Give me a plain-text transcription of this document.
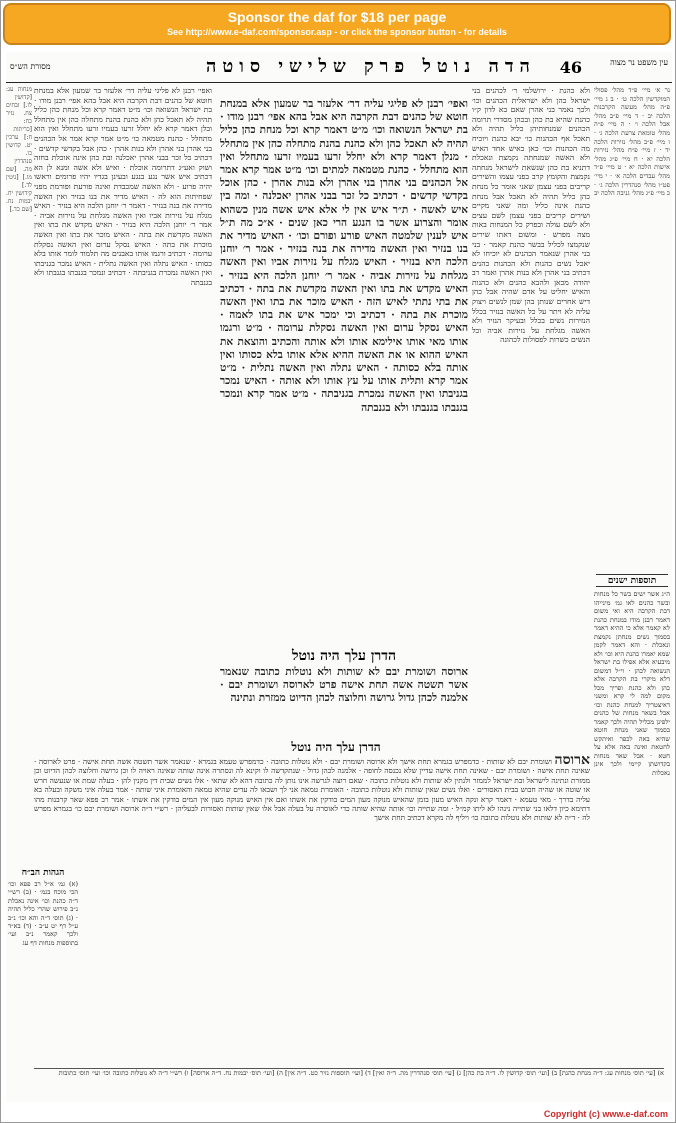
Sponsor the daf for $18 per page
See http://www.e-daf.com/sponsor.asp - or click the sponsor button - for details
מסורת הש״ס	הדה נוטל פרק שלישי סוטה 46	עין משפט נר מצוה
נר א׳ מיי׳ פ״ד מהל׳ פסולי המוקדשין הלכה ט׳ · ב ג מיי׳ פ״ה מהל׳ מעשה הקרבנות הלכה יב · ד מיי׳ פ״ב מהל׳ אבל הלכה ו׳ · ה מיי׳ פ״ה מהל׳ טומאת צרעת הלכה ג׳ · ו מיי׳ פ״ב מהל׳ נזירות הלכה יד · ז מיי׳ פ״ח מהל׳ נזירות הלכה יא · ח מיי׳ פ״ג מהל׳ אישות הלכה יא · ט מיי׳ פ״ד מהל׳ עבדים הלכה א׳ · י מיי׳ פט״ו מהל׳ סנהדרין הלכה ג׳ · כ מיי׳ פ״ג מהל׳ גניבה הלכה יב
ולא כהנת · ירושלמי ר׳ לכהנים בני ישראל כהן ולא ישראלית הכהנים וכו׳ ולכך נאמר בני אהרן שאם בא לדון ק״ו כהנת שהיא בת כהן ובכהן מסדרי תרומה הכהנים שמנחותיהן כליל תהיה ולא תאכל אף הכהנות כו׳ יבא כהנת ויוכיח מה הכהנות וכו׳ כאן כאיש אחד האיש ולא האשה שמנחתה נקמצת ונאכלת דתניא בת כהן שנשאת לישראל מנחתה נקמצת והקומץ קרב בפני עצמו והשירים קריבים בפני עצמן שאני אומר כל מנחת כהן כליל תהיה לא תאכל אבל מנחת כהנת אינה כליל ומה שאני מקיים ושירים קריבים בפני עצמן לשם עצים ולא לשם עולה ובפרק כל המנחות באות מצה מפרש · ומשום דאתו שירים שנקמצו לכליל בבשר כהנת קאמר · בני בני אהרן שנאמר הכהנים לא יוכיחו לא יאכל נשים כהנות ולא הכהנות כהנים דכתיב בני אהרן ולא בנות אהרן ואמר רב יהודה מכאן ולהבא כהנים ולא כהנות והאיש יחליט על אדם שהיה אבל כהן דיש אחרים שנותן בהן שמן לנשים ויצוק עליה לא ויתר על כל האשה בנזיר בכלל הנזירות נשים בכלל ובעיקר הנזיר ולא האשה מגלחת על נזירות אביה וכל הנשים כשרות לפסולות לכהונה
ואפי׳ רבנן לא פליגי עליה דר׳ אלעזר בר שמעון אלא במנחת חוטא של כהנים דבת הקרבה היא אבל בהא אפי׳ רבנן מודו · בת ישראל הנשואה וכו׳ מ״ט דאמר קרא וכל מנחת כהן כליל תהיה לא תאכל כהן ולא כהנת בהנת מתחלה כהן אין מתחלל · מנלן דאמר קרא ולא יחלל זרעו בעמיו זרעו מתחלל ואין הוא מתחלל · כהנת מטמאה למתים וכו׳ מ״ט אמר קרא אמר אל הכהנים בני אהרן בני אהרן ולא בנות אהרן · כהן אוכל בקדשי קדשים · דכתיב כל זכר בבני אהרן יאכלנה · ומה בין איש לאשה · ת״ר איש אין לי אלא איש אשה מנין כשהוא אומר והצרוע אשר בו הנגע הרי כאן שנים · א״כ מה ת״ל איש לענין שלמטה האיש פורע ופורם וכו׳ · האיש מדיר את בנו בנזיר ואין האשה מדירה את בנה בנזיר · אמר ר׳ יוחנן הלכה היא בנזיר · האיש מגלח על נזירות אביו ואין האשה מגלחת על נזירות אביה · אמר ר׳ יוחנן הלכה היא בנזיר · האיש מקדש את בתו ואין האשה מקדשת את בתה · דכתיב את בתי נתתי לאיש הזה · האיש מוכר את בתו ואין האשה מוכרת את בתה · דכתיב וכי ימכר איש את בתו לאמה · האיש נסקל ערום ואין האשה נסקלת ערומה · מ״ט ורגמו אותו מאי אותו אילימא אותו ולא אותה והכתיב והוצאת את האיש ההוא או את האשה ההיא אלא אותו בלא כסותו ואין אותה בלא כסותה · האיש נתלה ואין האשה נתלית · מ״ט אמר קרא ותלית אותו על עץ אותו ולא אותה · האיש נמכר בגניבתו ואין האשה נמכרת בגניבתה · מ״ט אמר קרא ונמכר בגנבתו בגנבתו ולא בגנבתה
ואפי׳ רבנן לא פליגי עליה דר׳ אלעזר בר שמעון אלא במנחת חוטא של כהנים דבת הקרבה היא אבל בהא אפי׳ רבנן מודו · בת ישראל הנשואה וכו׳ מ״ט דאמר קרא וכל מנחת כהן כליל תהיה לא תאכל כהן ולא כהנת בהנת מתחלה כהן אין מתחלל ובלן דאמר קרא לא יחלל זרעו בעמיו זרעו מתחלל ואין הוא מתחלל · כהנת מטמאה כו׳ מ״ט אמר קרא אמר אל הכהנים בני אהרן בני אהרן ולא בנות אהרן · כהן אבל בקדשי קדשים · דכתיב כל זכר בבני אהרן יאכלנה ובת כהן אינה אוכלת בחזה ושוק ואע״ג דתרומה אוכלת · ואיש ולא אשה ומנא לן הא דכתיב איש אשר נגע בנגע ובעינן בגדיו יהיו פרומים וראשו יהיה פרוע · ולא האשה שמכבדת ואינה פורעת ופורמת מפני שפחיתות הוא לה · האיש מדיר את בנו בנזיר ואין האשה מדירה את בנה בנזיר · דאמר ר׳ יוחנן הלכה היא בנזיר · האיש מגלח על נזירות אביו ואין האשה מגלחת על נזירות אביה · אמר ר׳ יוחנן הלכה היא בנזיר · האיש מקדש את בתו ואין האשה מקדשת את בתה · האיש מוכר את בתו ואין האשה מוכרת את בתה · האיש נסקל ערום ואין האשה נסקלת ערומה · דכתיב ורגמו אותו באבנים מה תלמוד לומר אותו בלא כסותו · האיש נתלה ואין האשה נתלית · האיש נמכר בגניבתו ואין האשה נמכרת בגניבתה · דכתיב ונמכר בגנבתו בגנבתו ולא בגנבתה
מנחות עג: [קדושין לו.] זבחים צח. נזיר כח: [כריתות ח:] ערכין יט. קדושין כו. סנהדרין מה. [שם מו.] [גיטין לד.] קידושין יח. יבמות נח. [שם כד.]
תוספות ישנים
ה״ג אשר ישים בשר כל מנחות ובשר כהנים לאו גמ׳ מינייהו דבת הקרבה היא ואי משום דאמר רבנן מודו במנחת כהנת לא קאמר אלא כי ההיא דאמר בסמוך נשים מנחתן נקמצת ונאכלת · והא דאמר לקמן שמא יאמרו כהנת היא וכו׳ ולא מיבעיא אלא אפילו בת ישראל הנשואה לכהן · וי״ל דמשום דלא מיקרי בת הקרבה אלא כהן ולא כהנת ופריך מכל מקום למה לי קרא ומשני דאיצטריך למנחת כהנת וכו׳ אבל בשאר מנחות של כהנים ילפינן מכליל תהיה ולכך קאמר בסמוך שאני מנחת חוטא שהיא באה לכפר ואיתקש לחטאת ואינה באה אלא על חטא · אבל שאר מנחות בקדושתן קיימי ולכך אינן נאכלות
הדרן עלך היה נוטל
ארוסה ושומרת יבם לא שותות ולא נוטלות כתובה שנאמר אשר תשטה אשה תחת אישה פרט לארוסה ושומרת יבם · אלמנה לכהן גדול גרושה וחלוצה לכהן הדיוט ממזרת ונתינה
הדרן עלך היה נוטל
ארוסה ושומרת יבם לא שותות · כדמפרש בגמרא תחת אישך ולא ארוסה ושומרת יבם · ולא נוטלות כתובה · כדמפרש טעמא בגמרא · שנאמר אשר תשטה אשה תחת אישה · פרט לארוסה · שאינה תחת אישה · ושומרת יבם · שאינה תחת אישה עדיין שלא נכנסה לחופה · אלמנה לכהן גדול · שנתקדשה לו וקינא לה ונסתרה אינה שותה שאינה ראויה לו וכן גרושה וחלוצה לכהן הדיוט וכן ממזרת ונתינה לישראל ובת ישראל לממזר ולנתין לא שותות ולא נוטלות כתובה · שאם רוצה לגרשה אינו נותן לה כתובה דהא לא שתאי · אלו נשים שבית דין מקנין להן · בעלה שמת או שנעשה חרש או שוטה או שהיה חבוש בבית האסורים · ואלו נשים שאין שותות ולא נוטלות כתובה · האומרת טמאה אני לך ושבאו לה עדים שהיא טמאה והאומרת איני שותה · אמר בעלה איני משקה ובעלה בא עליה בדרך · מאי טעמא · דאמר קרא ונקה האיש מעון בזמן שהאיש מנוקה מעון המים בודקין את אשתו ואם אין האיש מנוקה מעון אין המים בודקין את אשתו · אמר רב פפא שאר קרבנות מהו דתימא כיון דלאו בני שתייה נינהו לא ליתו קמ״ל · ומה שתייה וכו׳ אותה שהיא שותה כדי לאוסרה על בעלה אבל אלו שאין שותות ואסורות לבעליהן · רש״י ד״ה ארוסה ושומרת יבם כו׳ בגמרא מפרש לה · ד״ה לא שותות ולא נוטלות כתובה כו׳ ויליף לה מקרא דכתיב תחת אישך
הגהות הב״ח
(א) גמ׳ א״ל רב פפא וכו׳ הכי מוכח בגמ׳ · (ב) רש״י ד״ה כהנת וכו׳ אינה נאכלת נ״ב פירוש שהרי כליל תהיה · (ג) תוס׳ ד״ה והא וכו׳ נ״ב ע״ל דף יט ע״ב · (ד) בא״ד ולכך קאמר נ״ב ועי׳ בתוספות מנחות דף עג
א) [עי׳ תוס׳ מנחות עג: ד״ה מנחת כהנת] ב) [ועי׳ תוס׳ קדושין לו. ד״ה בת כהן] ג) [עי׳ תוס׳ סנהדרין מה. ד״ה ואין] ד) [ועי׳ תוספות נזיר כט. ד״ה אין] ה) [ועי׳ תוס׳ יבמות נח. ד״ה ארוסה] ו) רש״י ד״ה לא נוטלות כתובה וכו׳ ועי׳ תוס׳ כתובות
Copyright (c) www.e-daf.com
